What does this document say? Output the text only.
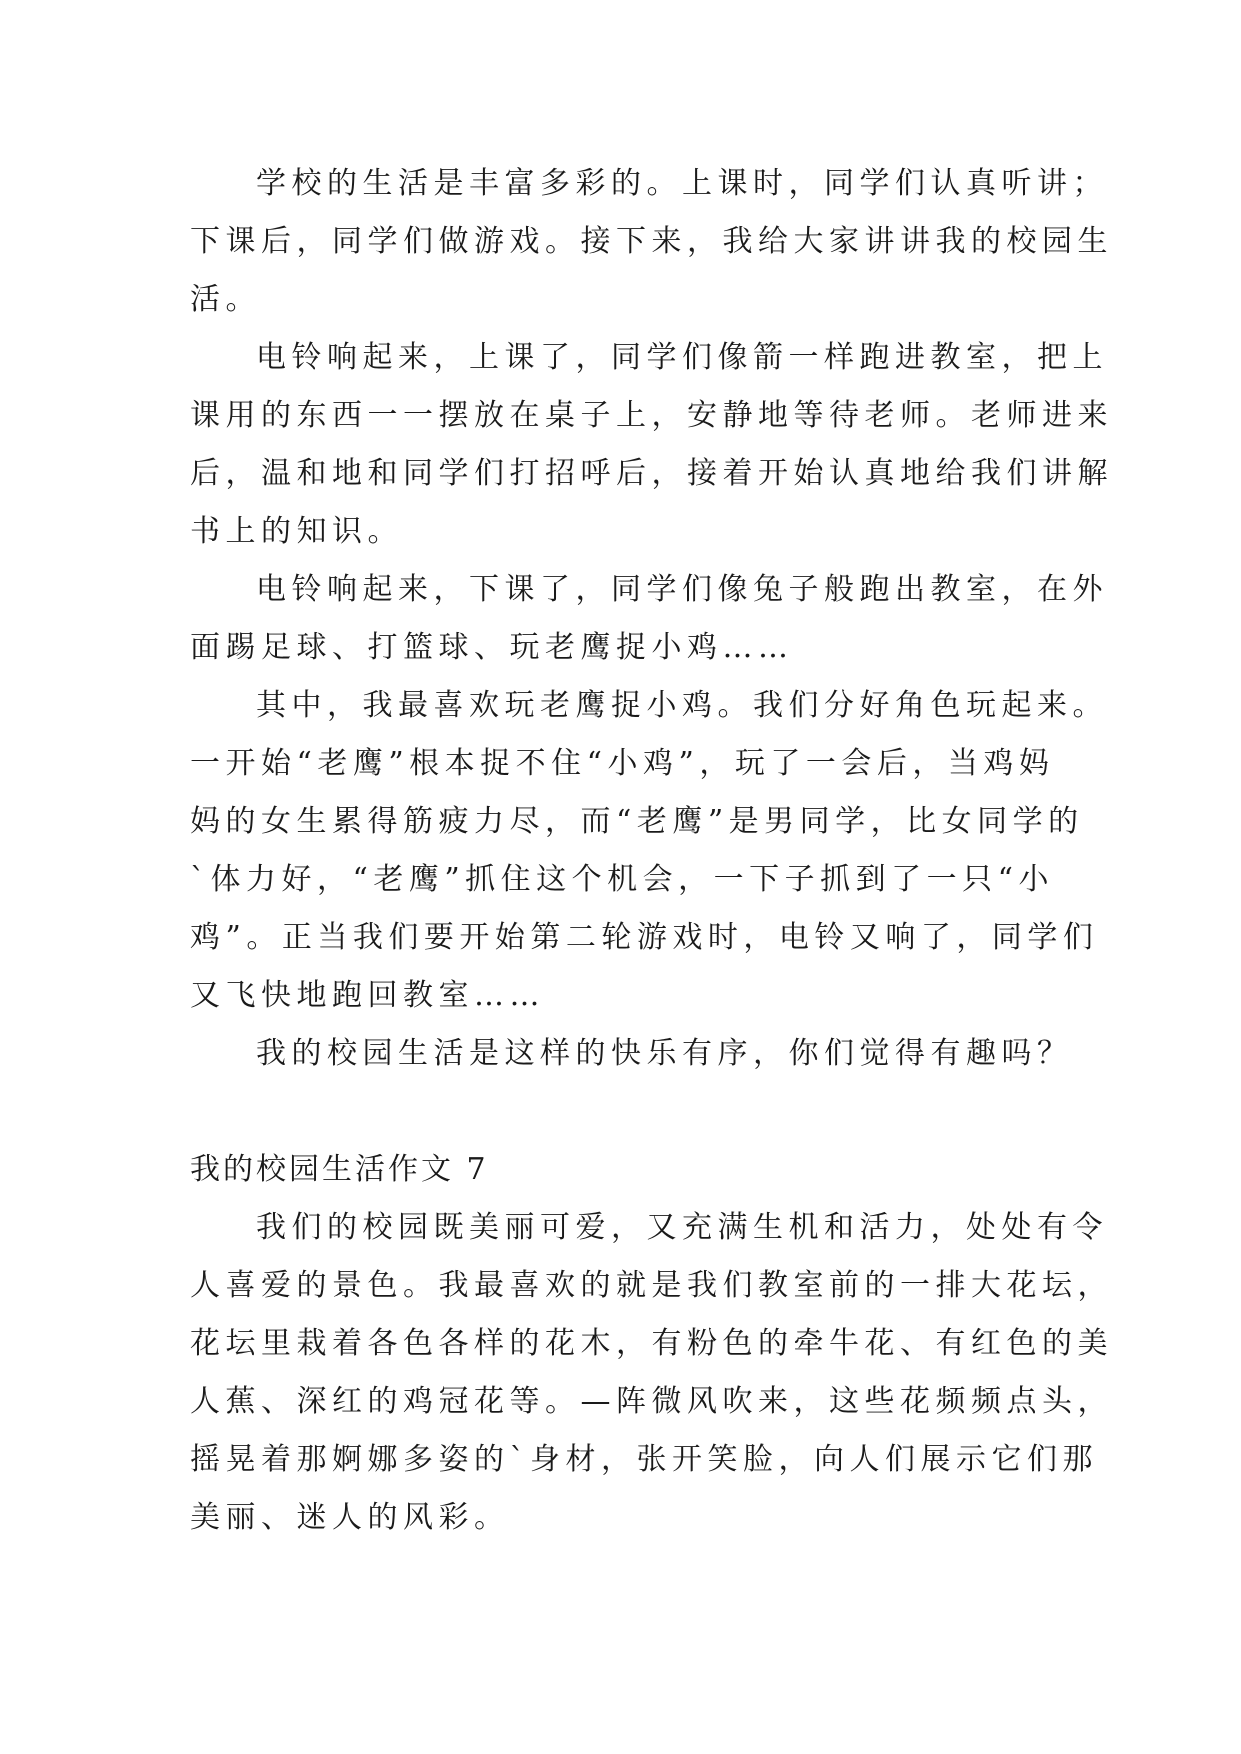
学校的生活是丰富多彩的。上课时，同学们认真听讲；
下课后，同学们做游戏。接下来，我给大家讲讲我的校园生
活。
电铃响起来，上课了，同学们像箭一样跑进教室，把上
课用的东西一一摆放在桌子上，安静地等待老师。老师进来
后，温和地和同学们打招呼后，接着开始认真地给我们讲解
书上的知识。
电铃响起来，下课了，同学们像兔子般跑出教室，在外
面踢足球、打篮球、玩老鹰捉小鸡……
其中，我最喜欢玩老鹰捉小鸡。我们分好角色玩起来。
一开始“老鹰”根本捉不住“小鸡”，玩了一会后，当鸡妈
妈的女生累得筋疲力尽，而“老鹰”是男同学，比女同学的
`体力好，“老鹰”抓住这个机会，一下子抓到了一只“小
鸡”。正当我们要开始第二轮游戏时，电铃又响了，同学们
又飞快地跑回教室……
我的校园生活是这样的快乐有序，你们觉得有趣吗？
我的校园生活作文 7
我们的校园既美丽可爱，又充满生机和活力，处处有令
人喜爱的景色。我最喜欢的就是我们教室前的一排大花坛，
花坛里栽着各色各样的花木，有粉色的牵牛花、有红色的美
人蕉、深红的鸡冠花等。—阵微风吹来，这些花频频点头，
摇晃着那婀娜多姿的`身材，张开笑脸，向人们展示它们那
美丽、迷人的风彩。
